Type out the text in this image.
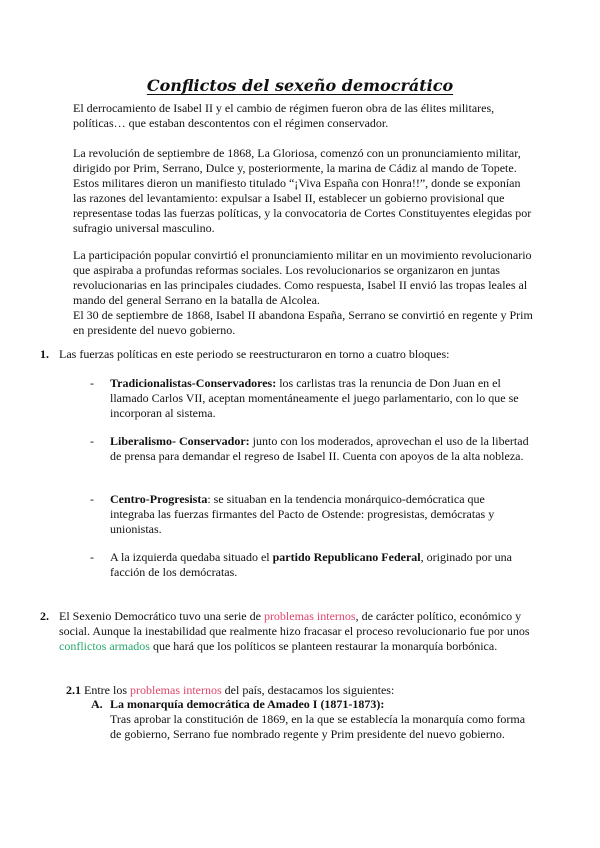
Conflictos del sexeño democrático

El derrocamiento de Isabel II y el cambio de régimen fueron obra de las élites militares, políticas… que estaban descontentos con el régimen conservador.

La revolución de septiembre de 1868, La Gloriosa, comenzó con un pronunciamiento militar, dirigido por Prim, Serrano, Dulce y, posteriormente, la marina de Cádiz al mando de Topete. Estos militares dieron un manifiesto titulado “¡Viva España con Honra!!”, donde se exponían las razones del levantamiento: expulsar a Isabel II, establecer un gobierno provisional que representase todas las fuerzas políticas, y la convocatoria de Cortes Constituyentes elegidas por sufragio universal masculino.

La participación popular convirtió el pronunciamiento militar en un movimiento revolucionario que aspiraba a profundas reformas sociales. Los revolucionarios se organizaron en juntas revolucionarias en las principales ciudades. Como respuesta, Isabel II envió las tropas leales al mando del general Serrano en la batalla de Alcolea.

El 30 de septiembre de 1868, Isabel II abandona España, Serrano se convirtió en regente y Prim en presidente del nuevo gobierno.

1. Las fuerzas políticas en este periodo se reestructuraron en torno a cuatro bloques:
- Tradicionalistas-Conservadores: los carlistas tras la renuncia de Don Juan en el llamado Carlos VII, aceptan momentáneamente el juego parlamentario, con lo que se incorporan al sistema.
- Liberalismo- Conservador: junto con los moderados, aprovechan el uso de la libertad de prensa para demandar el regreso de Isabel II. Cuenta con apoyos de la alta nobleza.
- Centro-Progresista: se situaban en la tendencia monárquico-demócratica que integraba las fuerzas firmantes del Pacto de Ostende: progresistas, demócratas y unionistas.
- A la izquierda quedaba situado el partido Republicano Federal, originado por una facción de los demócratas.
2. El Sexenio Democrático tuvo una serie de problemas internos, de carácter político, económico y social. Aunque la inestabilidad que realmente hizo fracasar el proceso revolucionario fue por unos conflictos armados que hará que los políticos se planteen restaurar la monarquía borbónica.
2.1 Entre los problemas internos del país, destacamos los siguientes:
A. La monarquía democrática de Amadeo I (1871-1873):
Tras aprobar la constitución de 1869, en la que se establecía la monarquía como forma de gobierno, Serrano fue nombrado regente y Prim presidente del nuevo gobierno.
